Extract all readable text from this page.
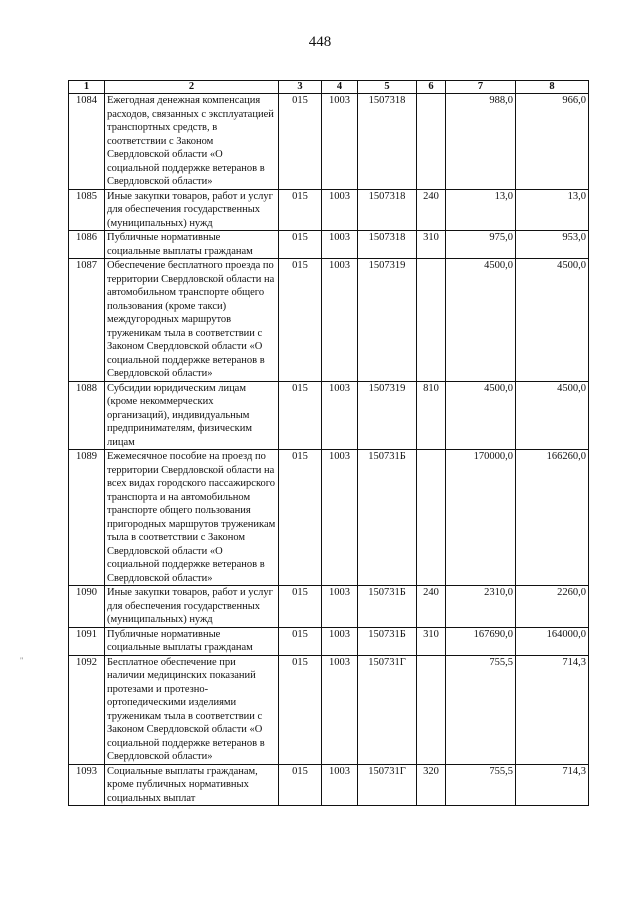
448
1	2	3	4	5	6	7	8
1084	Ежегодная денежная компенсация расходов, связанных с эксплуатацией транспортных средств, в соответствии с Законом Свердловской области «О социальной поддержке ветеранов в Свердловской области»	015	1003	1507318		988,0	966,0
1085	Иные закупки товаров, работ и услуг для обеспечения государственных (муниципальных) нужд	015	1003	1507318	240	13,0	13,0
1086	Публичные нормативные социальные выплаты гражданам	015	1003	1507318	310	975,0	953,0
1087	Обеспечение бесплатного проезда по территории Свердловской области на автомобильном транспорте общего пользования (кроме такси) междугородных маршрутов труженикам тыла в соответствии с Законом Свердловской области «О социальной поддержке ветеранов в Свердловской области»	015	1003	1507319		4500,0	4500,0
1088	Субсидии юридическим лицам (кроме некоммерческих организаций), индивидуальным предпринимателям, физическим лицам	015	1003	1507319	810	4500,0	4500,0
1089	Ежемесячное пособие на проезд по территории Свердловской области на всех видах городского пассажирского транспорта и на автомобильном транспорте общего пользования пригородных маршрутов труженикам тыла в соответствии с Законом Свердловской области «О социальной поддержке ветеранов в Свердловской области»	015	1003	150731Б		170000,0	166260,0
1090	Иные закупки товаров, работ и услуг для обеспечения государственных (муниципальных) нужд	015	1003	150731Б	240	2310,0	2260,0
1091	Публичные нормативные социальные выплаты гражданам	015	1003	150731Б	310	167690,0	164000,0
1092	Бесплатное обеспечение при наличии медицинских показаний протезами и протезно-ортопедическими изделиями труженикам тыла в соответствии с Законом Свердловской области «О социальной поддержке ветеранов в Свердловской области»	015	1003	150731Г		755,5	714,3
1093	Социальные выплаты гражданам, кроме публичных нормативных социальных выплат	015	1003	150731Г	320	755,5	714,3
"
